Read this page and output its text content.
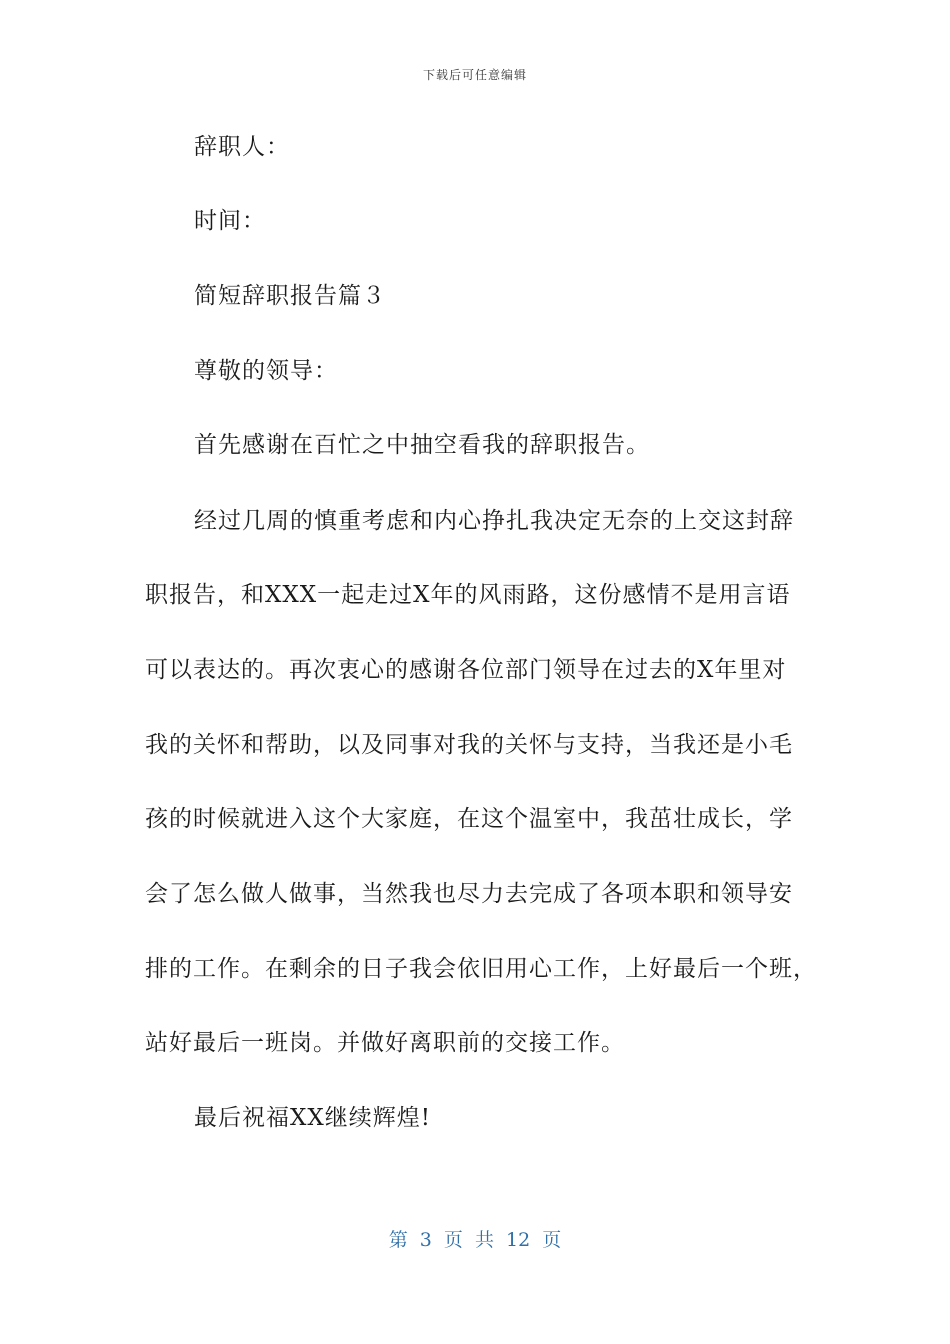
下载后可任意编辑
辞职人：
时间：
简短辞职报告篇３
尊敬的领导：
首先感谢在百忙之中抽空看我的辞职报告。
经过几周的慎重考虑和内心挣扎我决定无奈的上交这封辞
职报告，和XXX一起走过X年的风雨路，这份感情不是用言语
可以表达的。再次衷心的感谢各位部门领导在过去的X年里对
我的关怀和帮助，以及同事对我的关怀与支持，当我还是小毛
孩的时候就进入这个大家庭，在这个温室中，我茁壮成长，学
会了怎么做人做事，当然我也尽力去完成了各项本职和领导安
排的工作。在剩余的日子我会依旧用心工作，上好最后一个班，
站好最后一班岗。并做好离职前的交接工作。
最后祝福XX继续辉煌!
第 3 页 共 12 页
